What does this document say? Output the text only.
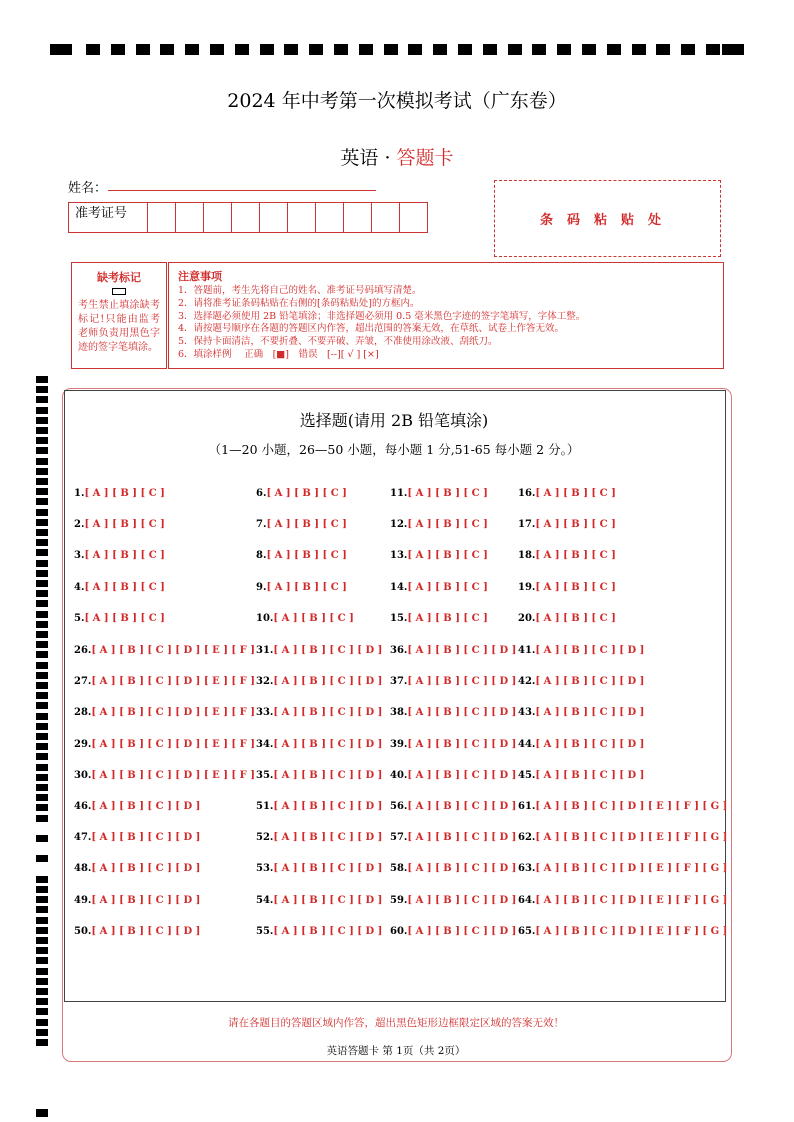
2024 年中考第一次模拟考试（广东卷）
英语 · 答题卡
姓名：
准考证号	条码粘贴处
缺考标记
考生禁止填涂缺考标记!只能由监考老师负责用黑色字迹的签字笔填涂。
注意事项
1．答题前，考生先将自己的姓名、准考证号码填写清楚。
2．请将准考证条码粘贴在右侧的[条码粘贴处]的方框内。
3．选择题必须使用 2B 铅笔填涂；非选择题必须用 0.5 毫米黑色字迹的签字笔填写，字体工整。
4．请按题号顺序在各题的答题区内作答，超出范围的答案无效，在草纸、试卷上作答无效。
5．保持卡面清洁，不要折叠、不要弄破、弄皱，不准使用涂改液、刮纸刀。
6．填涂样例　 正确　[■]　错误　[--][ √ ] [×]
选择题(请用 2B 铅笔填涂)
（1—20 小题，26—50 小题，每小题 1 分,51-65 每小题 2 分。）
1.[ A ] [ B ] [ C ]
2.[ A ] [ B ] [ C ]
3.[ A ] [ B ] [ C ]
4.[ A ] [ B ] [ C ]
5.[ A ] [ B ] [ C ]
6.[ A ] [ B ] [ C ]
7.[ A ] [ B ] [ C ]
8.[ A ] [ B ] [ C ]
9.[ A ] [ B ] [ C ]
10.[ A ] [ B ] [ C ]
11.[ A ] [ B ] [ C ]
12.[ A ] [ B ] [ C ]
13.[ A ] [ B ] [ C ]
14.[ A ] [ B ] [ C ]
15.[ A ] [ B ] [ C ]
16.[ A ] [ B ] [ C ]
17.[ A ] [ B ] [ C ]
18.[ A ] [ B ] [ C ]
19.[ A ] [ B ] [ C ]
20.[ A ] [ B ] [ C ]
26.[ A ] [ B ] [ C ] [ D ] [ E ] [ F ]
27.[ A ] [ B ] [ C ] [ D ] [ E ] [ F ]
28.[ A ] [ B ] [ C ] [ D ] [ E ] [ F ]
29.[ A ] [ B ] [ C ] [ D ] [ E ] [ F ]
30.[ A ] [ B ] [ C ] [ D ] [ E ] [ F ]
31.[ A ] [ B ] [ C ] [ D ]
32.[ A ] [ B ] [ C ] [ D ]
33.[ A ] [ B ] [ C ] [ D ]
34.[ A ] [ B ] [ C ] [ D ]
35.[ A ] [ B ] [ C ] [ D ]
36.[ A ] [ B ] [ C ] [ D ]
37.[ A ] [ B ] [ C ] [ D ]
38.[ A ] [ B ] [ C ] [ D ]
39.[ A ] [ B ] [ C ] [ D ]
40.[ A ] [ B ] [ C ] [ D ]
41.[ A ] [ B ] [ C ] [ D ]
42.[ A ] [ B ] [ C ] [ D ]
43.[ A ] [ B ] [ C ] [ D ]
44.[ A ] [ B ] [ C ] [ D ]
45.[ A ] [ B ] [ C ] [ D ]
46.[ A ] [ B ] [ C ] [ D ]
47.[ A ] [ B ] [ C ] [ D ]
48.[ A ] [ B ] [ C ] [ D ]
49.[ A ] [ B ] [ C ] [ D ]
50.[ A ] [ B ] [ C ] [ D ]
51.[ A ] [ B ] [ C ] [ D ]
52.[ A ] [ B ] [ C ] [ D ]
53.[ A ] [ B ] [ C ] [ D ]
54.[ A ] [ B ] [ C ] [ D ]
55.[ A ] [ B ] [ C ] [ D ]
56.[ A ] [ B ] [ C ] [ D ]
57.[ A ] [ B ] [ C ] [ D ]
58.[ A ] [ B ] [ C ] [ D ]
59.[ A ] [ B ] [ C ] [ D ]
60.[ A ] [ B ] [ C ] [ D ]
61.[ A ] [ B ] [ C ] [ D ] [ E ] [ F ] [ G ]
62.[ A ] [ B ] [ C ] [ D ] [ E ] [ F ] [ G ]
63.[ A ] [ B ] [ C ] [ D ] [ E ] [ F ] [ G ]
64.[ A ] [ B ] [ C ] [ D ] [ E ] [ F ] [ G ]
65.[ A ] [ B ] [ C ] [ D ] [ E ] [ F ] [ G ]
请在各题目的答题区域内作答，超出黑色矩形边框限定区域的答案无效！
英语答题卡 第 1页（共 2页）
